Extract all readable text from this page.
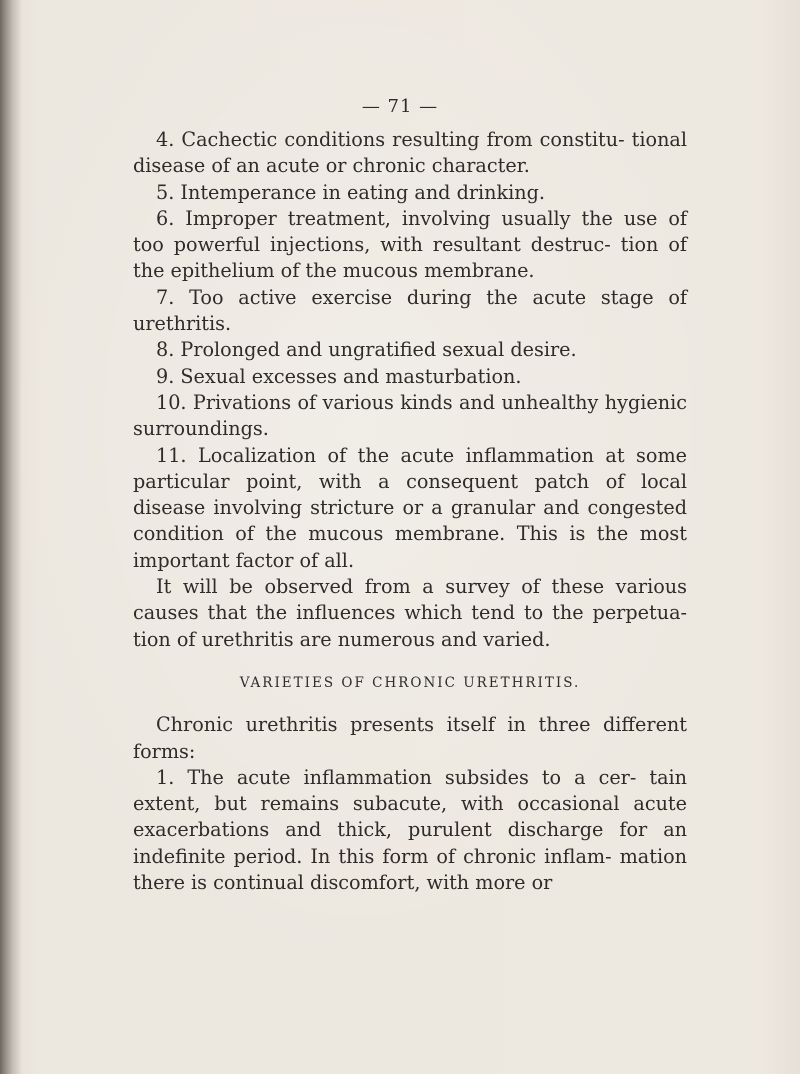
— 71 —

4. Cachectic conditions resulting from constitu- tional disease of an acute or chronic character.

5. Intemperance in eating and drinking.

6. Improper treatment, involving usually the use of too powerful injections, with resultant destruc- tion of the epithelium of the mucous membrane.

7. Too active exercise during the acute stage of urethritis.

8. Prolonged and ungratified sexual desire.

9. Sexual excesses and masturbation.

10. Privations of various kinds and unhealthy hygienic surroundings.

11. Localization of the acute inflammation at some particular point, with a consequent patch of local disease involving stricture or a granular and congested condition of the mucous membrane. This is the most important factor of all.

It will be observed from a survey of these various causes that the influences which tend to the perpetua- tion of urethritis are numerous and varied.

VARIETIES OF CHRONIC URETHRITIS.

Chronic urethritis presents itself in three different forms:

1. The acute inflammation subsides to a cer- tain extent, but remains subacute, with occasional acute exacerbations and thick, purulent discharge for an indefinite period. In this form of chronic inflam- mation there is continual discomfort, with more or
